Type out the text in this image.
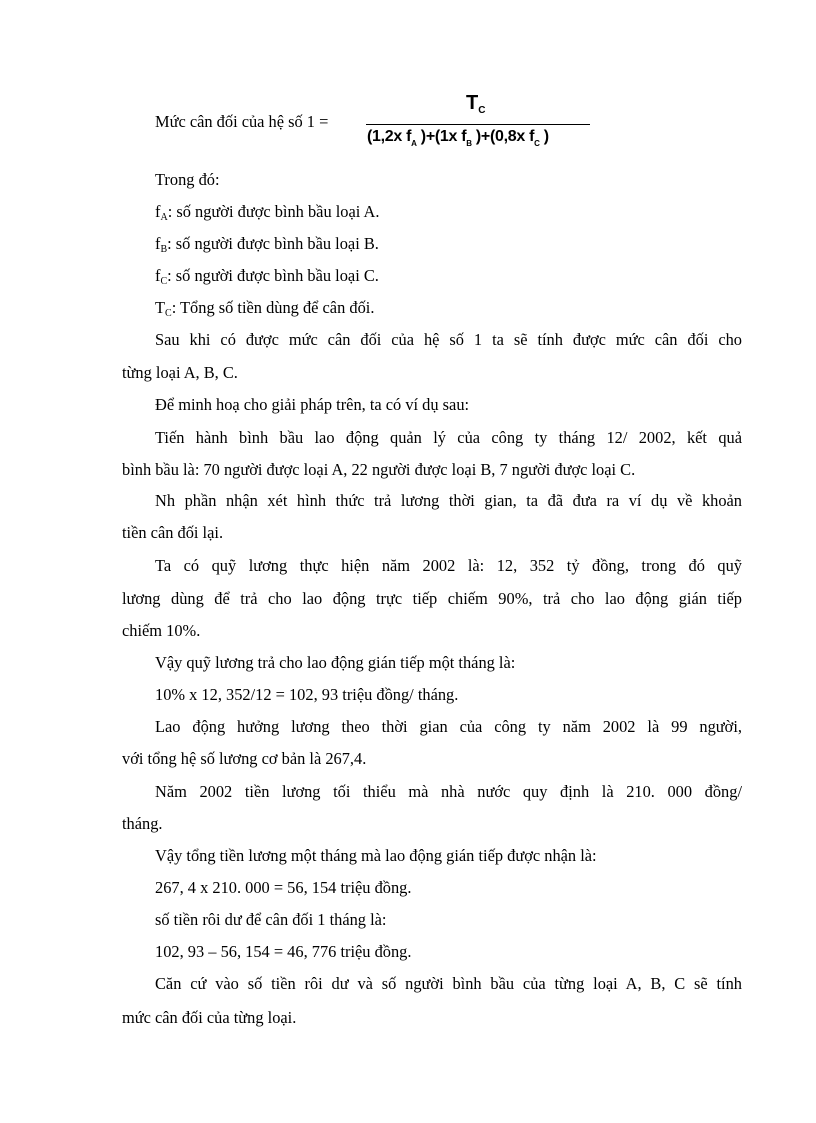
Mức cân đối của hệ số 1 =
$T_C$
(1,2x $f_A$ )+(1x $f_B$ )+(0,8x $f_C$ )
Trong đó:
$f_A$: số người được bình bầu loại A.
$f_B$: số người được bình bầu loại B.
$f_C$: số người được bình bầu loại C.
$T_C$: Tổng số tiền dùng để cân đối.
Sau khi có được mức cân đối của hệ số 1 ta sẽ tính được mức cân đối cho
từng loại A, B, C.
Để minh hoạ cho giải pháp trên, ta có ví dụ sau:
Tiến hành bình bầu lao động quản lý của công ty tháng 12/ 2002, kết quả
bình bầu là: 70 người được loại A, 22 người được loại B, 7 người được loại C.
Nh phần nhận xét hình thức trả lương thời gian, ta đã đưa ra ví dụ về khoản
tiền cân đối lại.
Ta có quỹ lương thực hiện năm 2002 là: 12, 352 tỷ đồng, trong đó quỹ
lương dùng để trả cho lao động trực tiếp chiếm 90%, trả cho lao động gián tiếp
chiếm 10%.
Vậy quỹ lương trả cho lao động gián tiếp một tháng là:
10% x 12, 352/12 = 102, 93 triệu đồng/ tháng.
Lao động hưởng lương theo thời gian của công ty năm 2002 là 99 người,
với tổng hệ số lương cơ bản là 267,4.
Năm 2002 tiền lương tối thiểu mà nhà nước quy định là 210. 000 đồng/
tháng.
Vậy tổng tiền lương một tháng mà lao động gián tiếp được nhận là:
267, 4 x 210. 000 = 56, 154 triệu đồng.
số tiền rôi dư để cân đối 1 tháng là:
102, 93 – 56, 154 = 46, 776 triệu đồng.
Căn cứ vào số tiền rôi dư và số người bình bầu của từng loại A, B, C sẽ tính
mức cân đối của từng loại.
